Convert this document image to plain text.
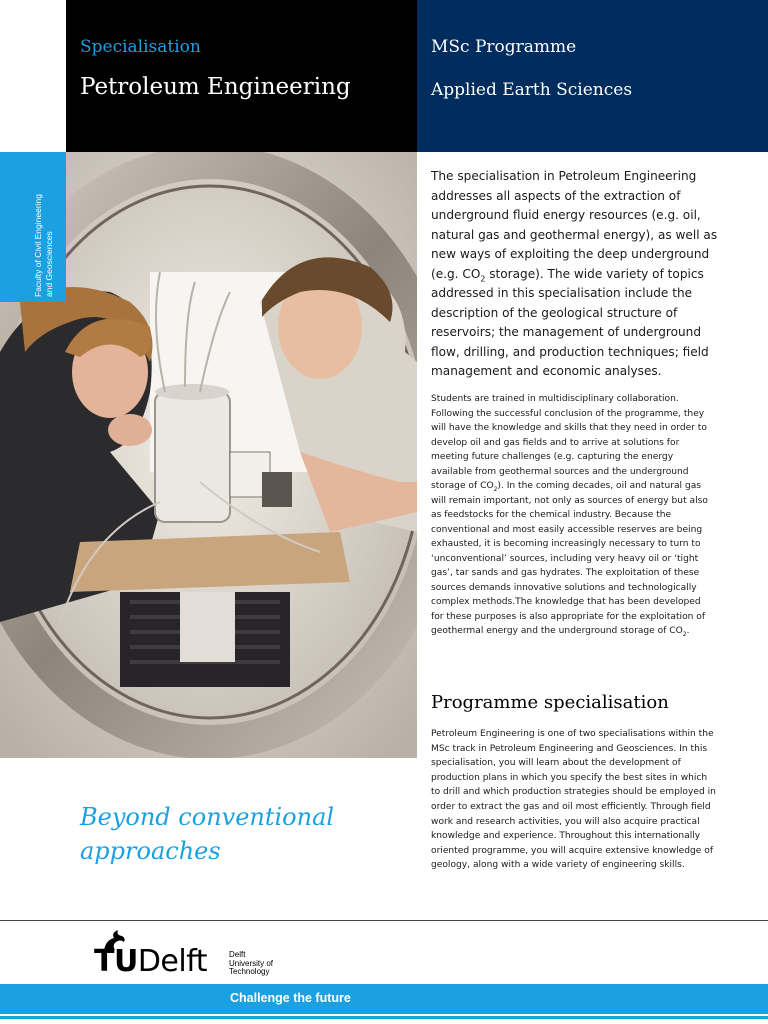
Specialisation
Petroleum Engineering
MSc Programme
Applied Earth Sciences
Faculty of Civil Engineering and Geosciences

The specialisation in Petroleum Engineering addresses all aspects of the extraction of underground fluid energy resources (e.g. oil, natural gas and geothermal energy), as well as new ways of exploiting the deep underground (e.g. $CO_2$ storage). The wide variety of topics addressed in this specialisation include the description of the geological structure of reservoirs; the management of underground flow, drilling, and production techniques; field management and economic analyses.

Students are trained in multidisciplinary collaboration. Following the successful conclusion of the programme, they will have the knowledge and skills that they need in order to develop oil and gas fields and to arrive at solutions for meeting future challenges (e.g. capturing the energy available from geothermal sources and the underground storage of $CO_2$). In the coming decades, oil and natural gas will remain important, not only as sources of energy but also as feedstocks for the chemical industry. Because the conventional and most easily accessible reserves are being exhausted, it is becoming increasingly necessary to turn to ‘unconventional’ sources, including very heavy oil or ‘tight gas’, tar sands and gas hydrates. The exploitation of these sources demands innovative solutions and technologically complex methods.The knowledge that has been developed for these purposes is also appropriate for the exploitation of geothermal energy and the underground storage of $CO_2$.

Programme specialisation

Petroleum Engineering is one of two specialisations within the MSc track in Petroleum Engineering and Geosciences. In this specialisation, you will learn about the development of production plans in which you specify the best sites in which to drill and which production strategies should be employed in order to extract the gas and oil most efficiently. Through field work and research activities, you will also acquire practical knowledge and experience. Throughout this internationally oriented programme, you will acquire extensive knowledge of geology, along with a wide variety of engineering skills.

Beyond conventional
approaches

TUDelft	Delft
University of
Technology
Challenge the future
